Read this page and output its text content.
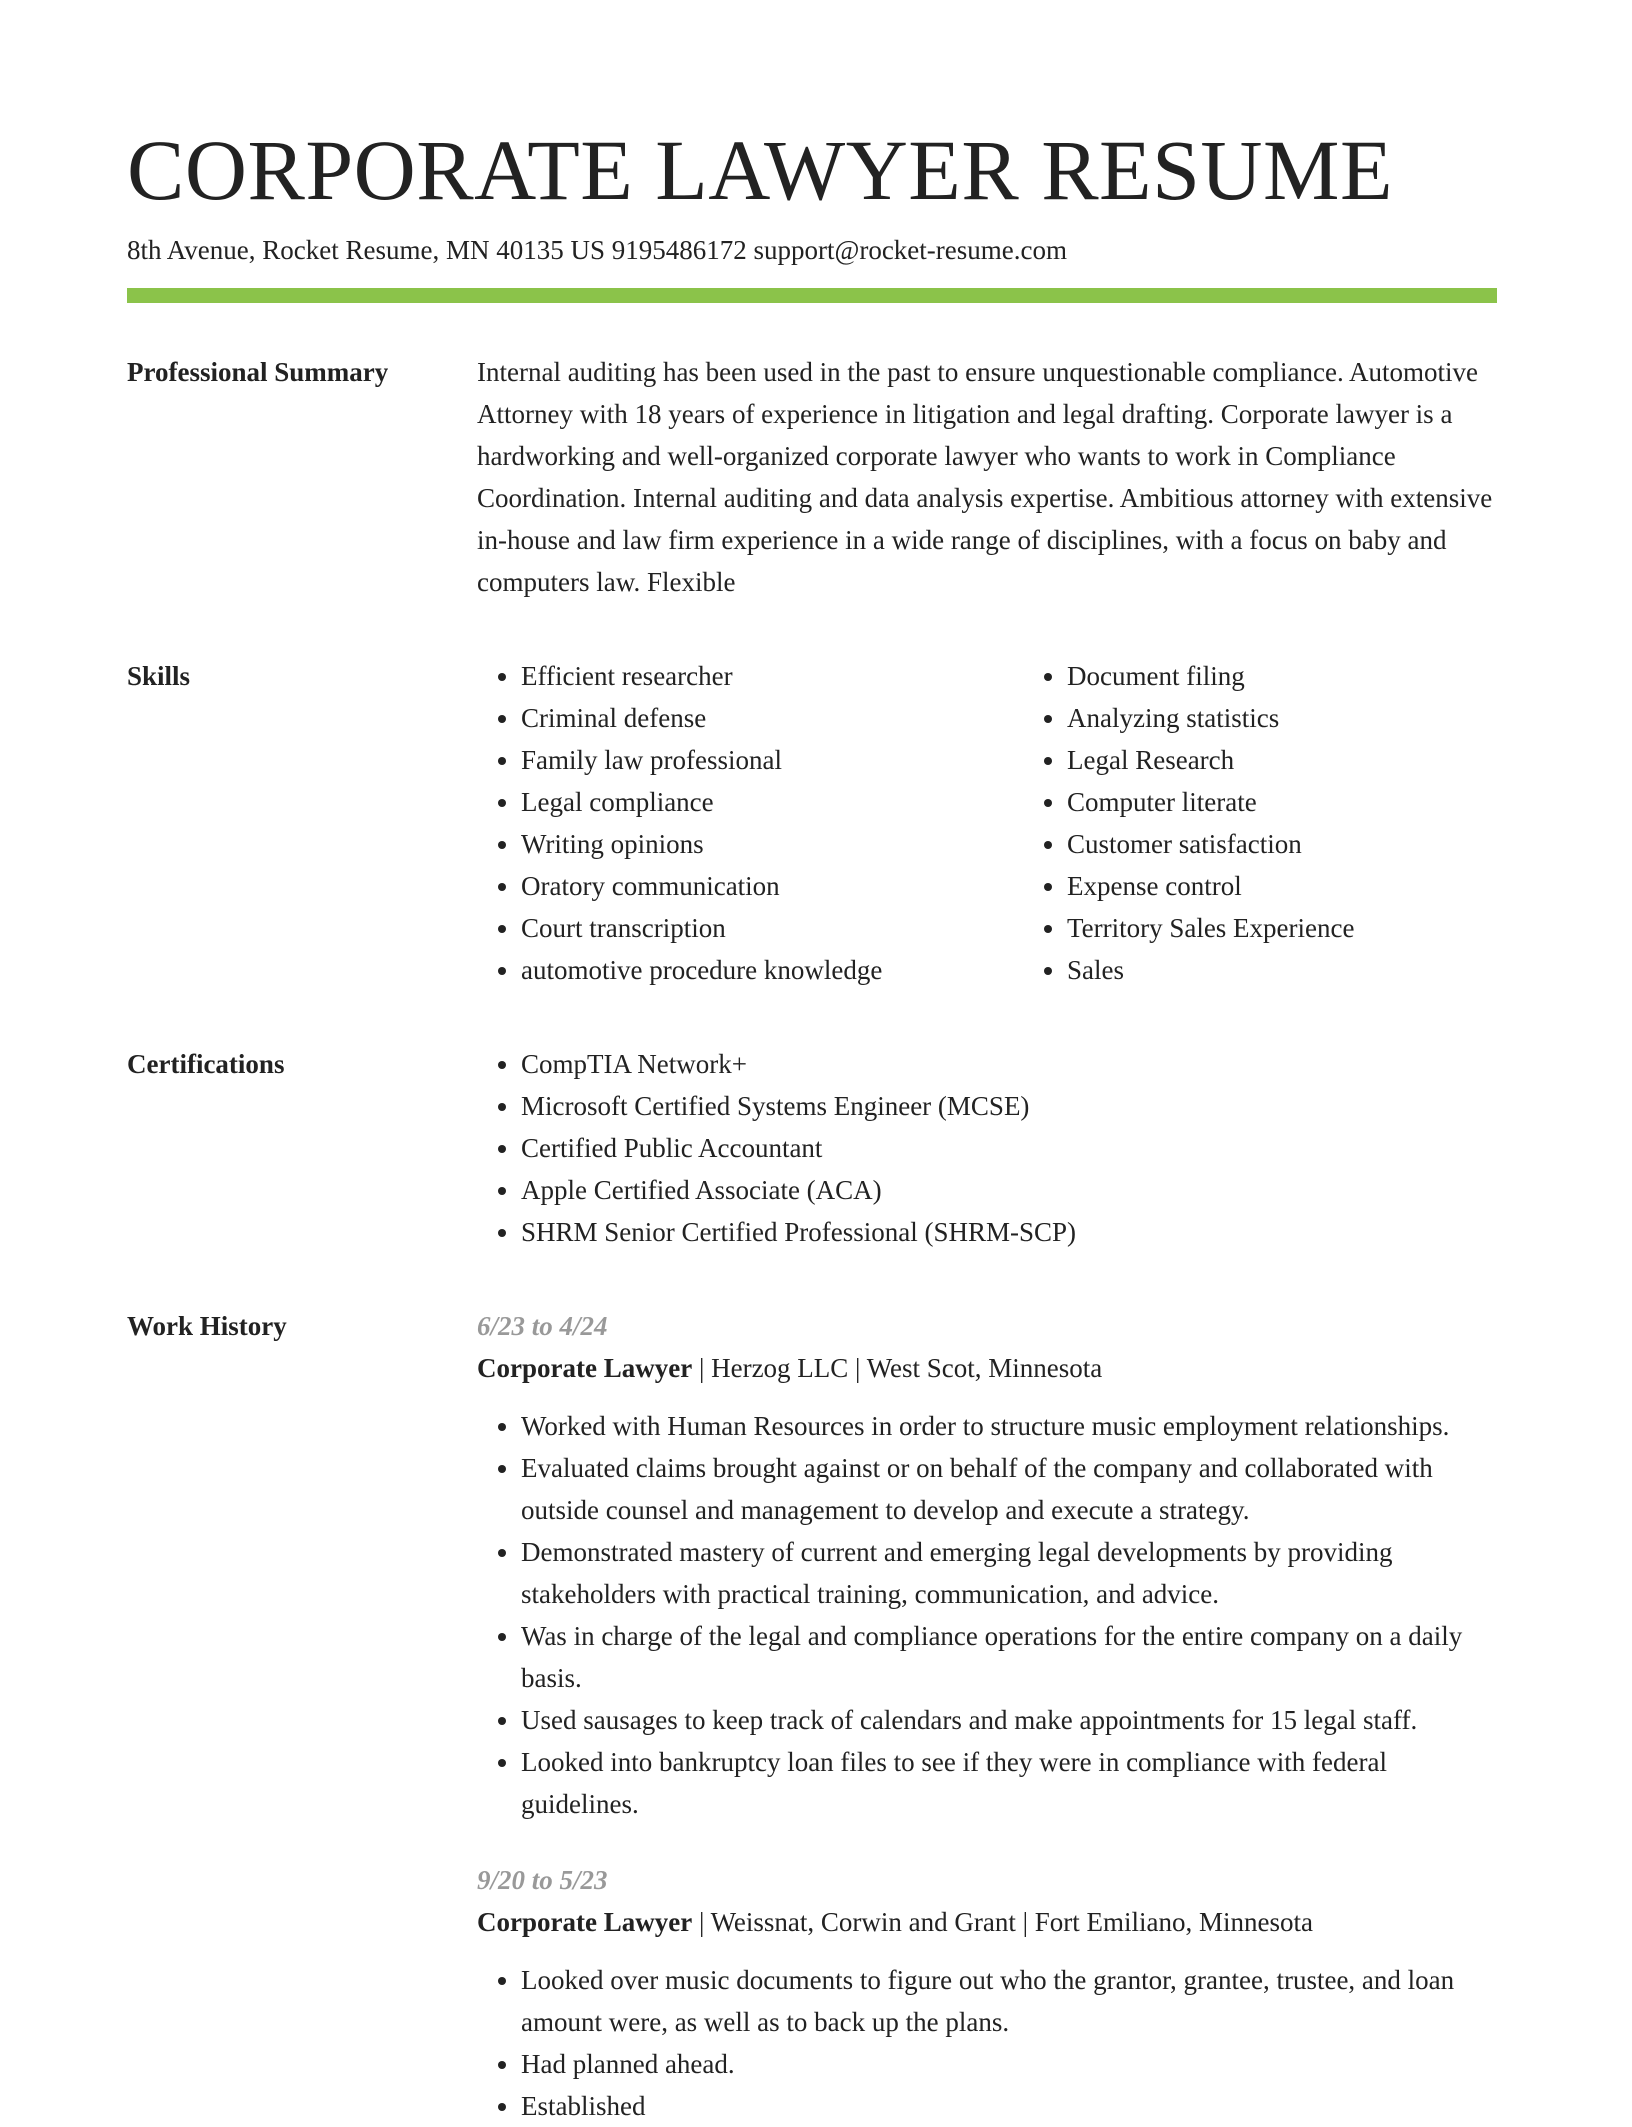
CORPORATE LAWYER RESUME
8th Avenue, Rocket Resume, MN 40135 US 9195486172 support@rocket-resume.com
Professional Summary	Internal auditing has been used in the past to ensure unquestionable compliance. Automotive Attorney with 18 years of experience in litigation and legal drafting. Corporate lawyer is a hardworking and well-organized corporate lawyer who wants to work in Compliance Coordination. Internal auditing and data analysis expertise. Ambitious attorney with extensive in-house and law firm experience in a wide range of disciplines, with a focus on baby and computers law. Flexible

Skills	• Efficient researcher
• Criminal defense
• Family law professional
• Legal compliance
• Writing opinions
• Oratory communication
• Court transcription
• automotive procedure knowledge
• Document filing
• Analyzing statistics
• Legal Research
• Computer literate
• Customer satisfaction
• Expense control
• Territory Sales Experience
• Sales
Certifications	• CompTIA Network+
• Microsoft Certified Systems Engineer (MCSE)
• Certified Public Accountant
• Apple Certified Associate (ACA)
• SHRM Senior Certified Professional (SHRM-SCP)
Work History	6/23 to 4/24
Corporate Lawyer | Herzog LLC | West Scot, Minnesota
• Worked with Human Resources in order to structure music employment relationships.
• Evaluated claims brought against or on behalf of the company and collaborated with outside counsel and management to develop and execute a strategy.
• Demonstrated mastery of current and emerging legal developments by providing stakeholders with practical training, communication, and advice.
• Was in charge of the legal and compliance operations for the entire company on a daily basis.
• Used sausages to keep track of calendars and make appointments for 15 legal staff.
• Looked into bankruptcy loan files to see if they were in compliance with federal guidelines.
9/20 to 5/23
Corporate Lawyer | Weissnat, Corwin and Grant | Fort Emiliano, Minnesota
• Looked over music documents to figure out who the grantor, grantee, trustee, and loan amount were, as well as to back up the plans.
• Had planned ahead.
• Established
